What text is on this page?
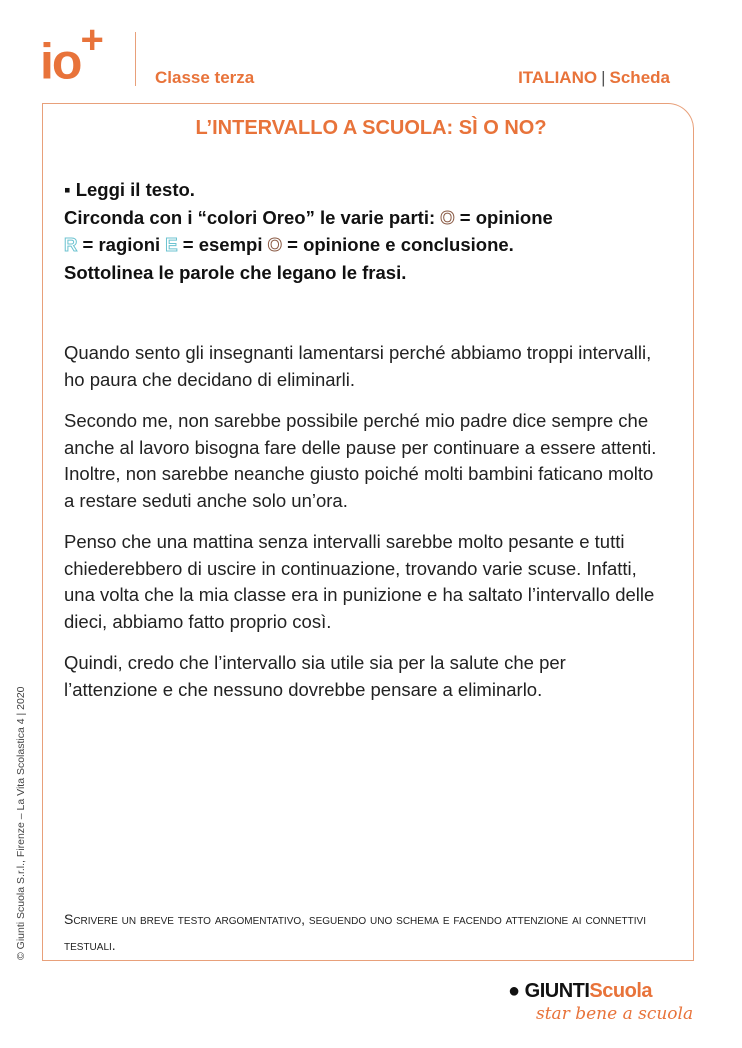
io+
Classe terza	ITALIANO | Scheda
L’INTERVALLO A SCUOLA: SÌ O NO?
▪ Leggi il testo.
Circonda con i “colori Oreo” le varie parti: O = opinione
R = ragioni E = esempi O = opinione e conclusione.
Sottolinea le parole che legano le frasi.

Quando sento gli insegnanti lamentarsi perché abbiamo troppi intervalli, ho paura che decidano di eliminarli.

Secondo me, non sarebbe possibile perché mio padre dice sempre che anche al lavoro bisogna fare delle pause per continuare a essere attenti. Inoltre, non sarebbe neanche giusto poiché molti bambini faticano molto a restare seduti anche solo un’ora.

Penso che una mattina senza intervalli sarebbe molto pesante e tutti chiederebbero di uscire in continuazione, trovando varie scuse. Infatti, una volta che la mia classe era in punizione e ha saltato l’intervallo delle dieci, abbiamo fatto proprio così.

Quindi, credo che l’intervallo sia utile sia per la salute che per l’attenzione e che nessuno dovrebbe pensare a eliminarlo.

Scrivere un breve testo argomentativo, seguendo uno schema e facendo attenzione ai connettivi testuali.
© Giunti Scuola S.r.l., Firenze – La Vita Scolastica 4 | 2020
● GIUNTIScuola
star bene a scuola
